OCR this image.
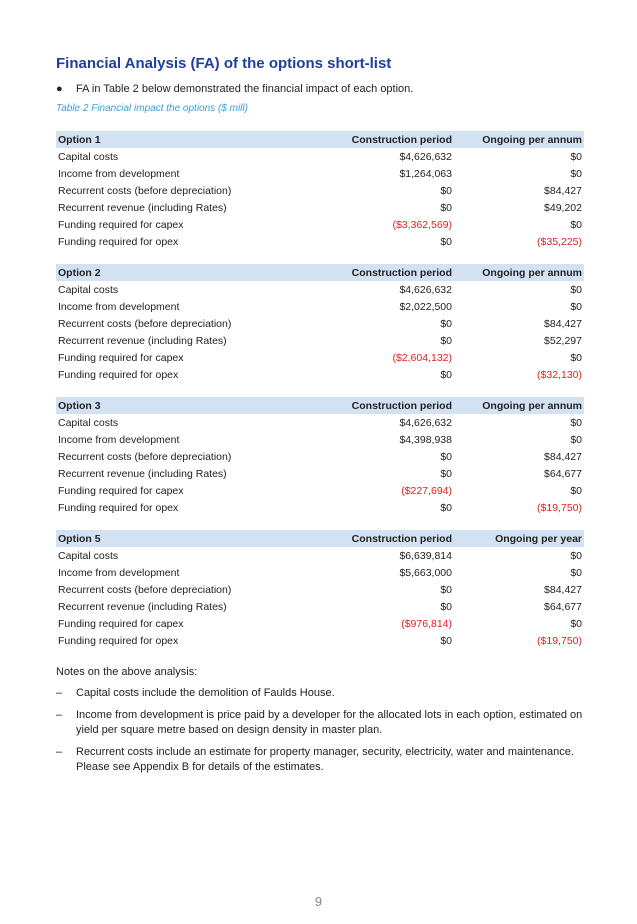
Financial Analysis (FA) of the options short-list
●	FA in Table 2 below demonstrated the financial impact of each option.
Table 2 Financial impact the options ($ mill)
Option 1	Construction period	Ongoing per annum
Capital costs	$4,626,632	$0
Income from development	$1,264,063	$0
Recurrent costs (before depreciation)	$0	$84,427
Recurrent revenue (including Rates)	$0	$49,202
Funding required for capex	($3,362,569)	$0
Funding required for opex	$0	($35,225)
Option 2	Construction period	Ongoing per annum
Capital costs	$4,626,632	$0
Income from development	$2,022,500	$0
Recurrent costs (before depreciation)	$0	$84,427
Recurrent revenue (including Rates)	$0	$52,297
Funding required for capex	($2,604,132)	$0
Funding required for opex	$0	($32,130)
Option 3	Construction period	Ongoing per annum
Capital costs	$4,626,632	$0
Income from development	$4,398,938	$0
Recurrent costs (before depreciation)	$0	$84,427
Recurrent revenue (including Rates)	$0	$64,677
Funding required for capex	($227,694)	$0
Funding required for opex	$0	($19,750)
Option 5	Construction period	Ongoing per year
Capital costs	$6,639,814	$0
Income from development	$5,663,000	$0
Recurrent costs (before depreciation)	$0	$84,427
Recurrent revenue (including Rates)	$0	$64,677
Funding required for capex	($976,814)	$0
Funding required for opex	$0	($19,750)
Notes on the above analysis:
–	Capital costs include the demolition of Faulds House.
–	Income from development is price paid by a developer for the allocated lots in each option, estimated on yield per square metre based on design density in master plan.
–	Recurrent costs include an estimate for property manager, security, electricity, water and maintenance. Please see Appendix B for details of the estimates.
9
